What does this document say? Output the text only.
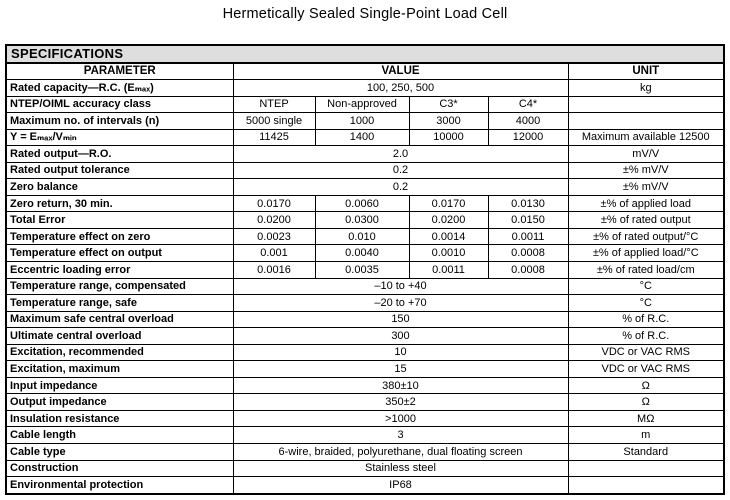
Hermetically Sealed Single-Point Load Cell
SPECIFICATIONS					
PARAMETER	VALUE				UNIT
Rated capacity—R.C. (Eₘₐₓ)	100, 250, 500				kg
NTEP/OIML accuracy class	NTEP	Non-approved	C3*	C4*	
Maximum no. of intervals (n)	5000 single	1000	3000	4000	
Y = Eₘₐₓ/Vₘᵢₙ	11425	1400	10000	12000	Maximum available 12500
Rated output—R.O.	2.0				mV/V
Rated output tolerance	0.2				±% mV/V
Zero balance	0.2				±% mV/V
Zero return, 30 min.	0.0170	0.0060	0.0170	0.0130	±% of applied load
Total Error	0.0200	0.0300	0.0200	0.0150	±% of rated output
Temperature effect on zero	0.0023	0.010	0.0014	0.0011	±% of rated output/°C
Temperature effect on output	0.001	0.0040	0.0010	0.0008	±% of applied load/°C
Eccentric loading error	0.0016	0.0035	0.0011	0.0008	±% of rated load/cm
Temperature range, compensated	–10 to +40				°C
Temperature range, safe	–20 to +70				°C
Maximum safe central overload	150				% of R.C.
Ultimate central overload	300				% of R.C.
Excitation, recommended	10				VDC or VAC RMS
Excitation, maximum	15				VDC or VAC RMS
Input impedance	380±10				Ω
Output impedance	350±2				Ω
Insulation resistance	>1000				MΩ
Cable length	3				m
Cable type	6-wire, braided, polyurethane, dual floating screen				Standard
Construction	Stainless steel				
Environmental protection	IP68				
